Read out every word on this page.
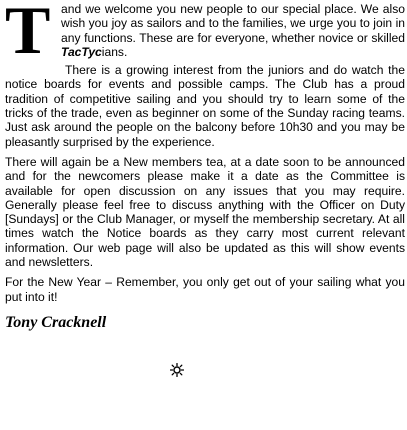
Tand we welcome you new people to our special place. We also wish you joy as sailors and to the families, we urge you to join in any functions. These are for everyone, whether novice or skilled TacTycians.

There is a growing interest from the juniors and do watch the notice boards for events and possible camps. The Club has a proud tradition of competitive sailing and you should try to learn some of the tricks of the trade, even as beginner on some of the Sunday racing teams. Just ask around the people on the balcony before 10h30 and you may be pleasantly surprised by the experience.

There will again be a New members tea, at a date soon to be announced and for the newcomers please make it a date as the Committee is available for open discussion on any issues that you may require. Generally please feel free to discuss anything with the Officer on Duty [Sundays] or the Club Manager, or myself the membership secretary. At all times watch the Notice boards as they carry most current relevant information. Our web page will also be updated as this will show events and newsletters.

For the New Year – Remember, you only get out of your sailing what you put into it!

Tony Cracknell
